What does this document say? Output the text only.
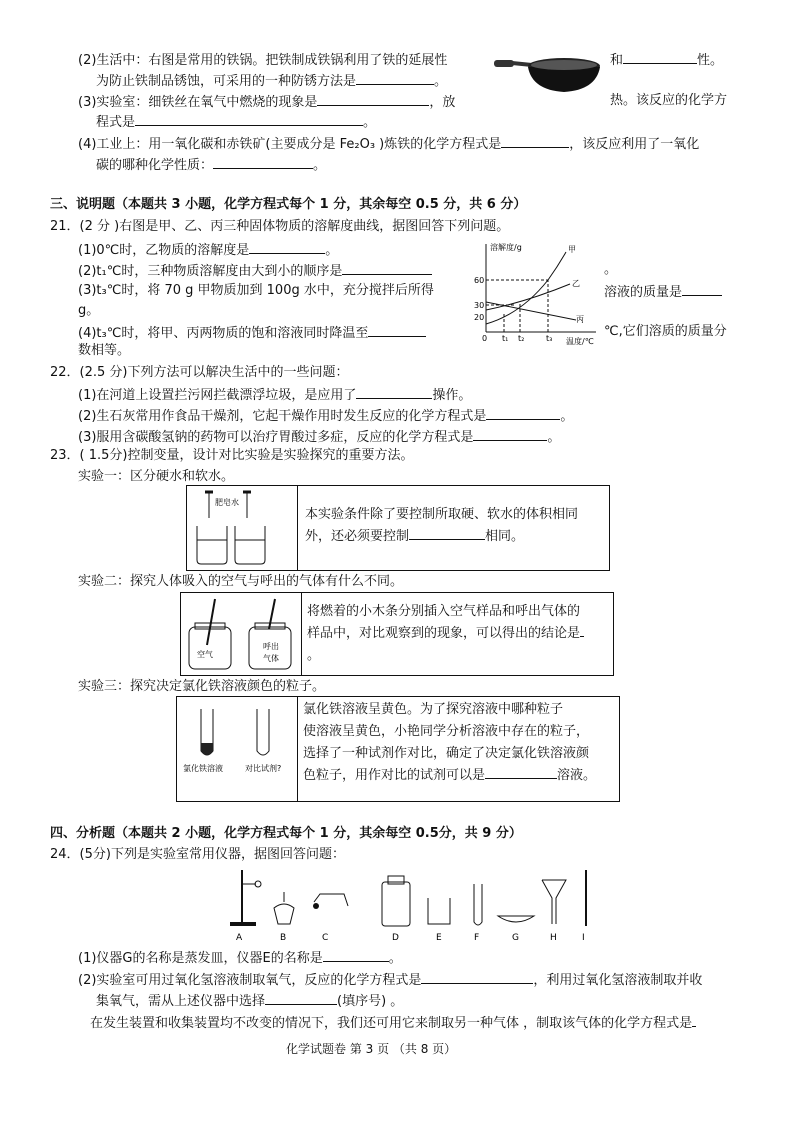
(2)生活中：右图是常用的铁锅。把铁制成铁锅利用了铁的延展性	和	性。
为防止铁制品锈蚀，可采用的一种防锈方法是	。
(3)实验室：细铁丝在氧气中燃烧的现象是	，放	热。该反应的化学方
程式是	。
(4)工业上：用一氧化碳和赤铁矿(主要成分是 Fe₂O₃ )炼铁的化学方程式是	，该反应利用了一氧化
碳的哪种化学性质：	。
三、说明题（本题共 3 小题，化学方程式每个 1 分，其余每空 0.5 分，共 6 分）
21．(2 分 )右图是甲、乙、丙三种固体物质的溶解度曲线，据图回答下列问题。
(1)0℃时，乙物质的溶解度是	。
(2)t₁℃时，三种物质溶解度由大到小的顺序是	。
(3)t₃℃时，将 70 g 甲物质加到 100g 水中，充分搅拌后所得	溶液的质量是
g。
(4)t₃℃时，将甲、丙两物质的饱和溶液同时降温至	℃,它们溶质的质量分
数相等。
溶解度/g
温度/℃
60
30
20
0 t₁ t₂	t₃
甲
乙
丙
22．(2.5 分)下列方法可以解决生活中的一些问题：
(1)在河道上设置拦污网拦截漂浮垃圾，是应用了	操作。
(2)生石灰常用作食品干燥剂，它起干燥作用时发生反应的化学方程式是	。
(3)服用含碳酸氢钠的药物可以治疗胃酸过多症，反应的化学方程式是	。
23．( 1.5分)控制变量，设计对比实验是实验探究的重要方法。
实验一：区分硬水和软水。
肥皂水
本实验条件除了要控制所取硬、软水的体积相同
外，还必须要控制	相同。
实验二：探究人体吸入的空气与呼出的气体有什么不同。
空气
呼出
气体
将燃着的小木条分别插入空气样品和呼出气体的
样品中，对比观察到的现象，可以得出的结论是
。
实验三：探究决定氯化铁溶液颜色的粒子。
氯化铁溶液	对比试剂?
氯化铁溶液呈黄色。为了探究溶液中哪种粒子
使溶液呈黄色，小艳同学分析溶液中存在的粒子，
选择了一种试剂作对比，确定了决定氯化铁溶液颜
色粒子，用作对比的试剂可以是	溶液。
四、分析题（本题共 2 小题，化学方程式每个 1 分，其余每空 0.5分，共 9 分）
24．(5分)下列是实验室常用仪器，据图回答问题：
A	B	C	D	E	F	G	H	I
(1)仪器G的名称是蒸发皿，仪器E的名称是	。
(2)实验室可用过氧化氢溶液制取氧气，反应的化学方程式是	，利用过氧化氢溶液制取并收
集氧气，需从上述仪器中选择	(填序号) 。
在发生装置和收集装置均不改变的情况下，我们还可用它来制取另一种气体 ，制取该气体的化学方程式是
化学试题卷 第 3 页 （共 8 页）
